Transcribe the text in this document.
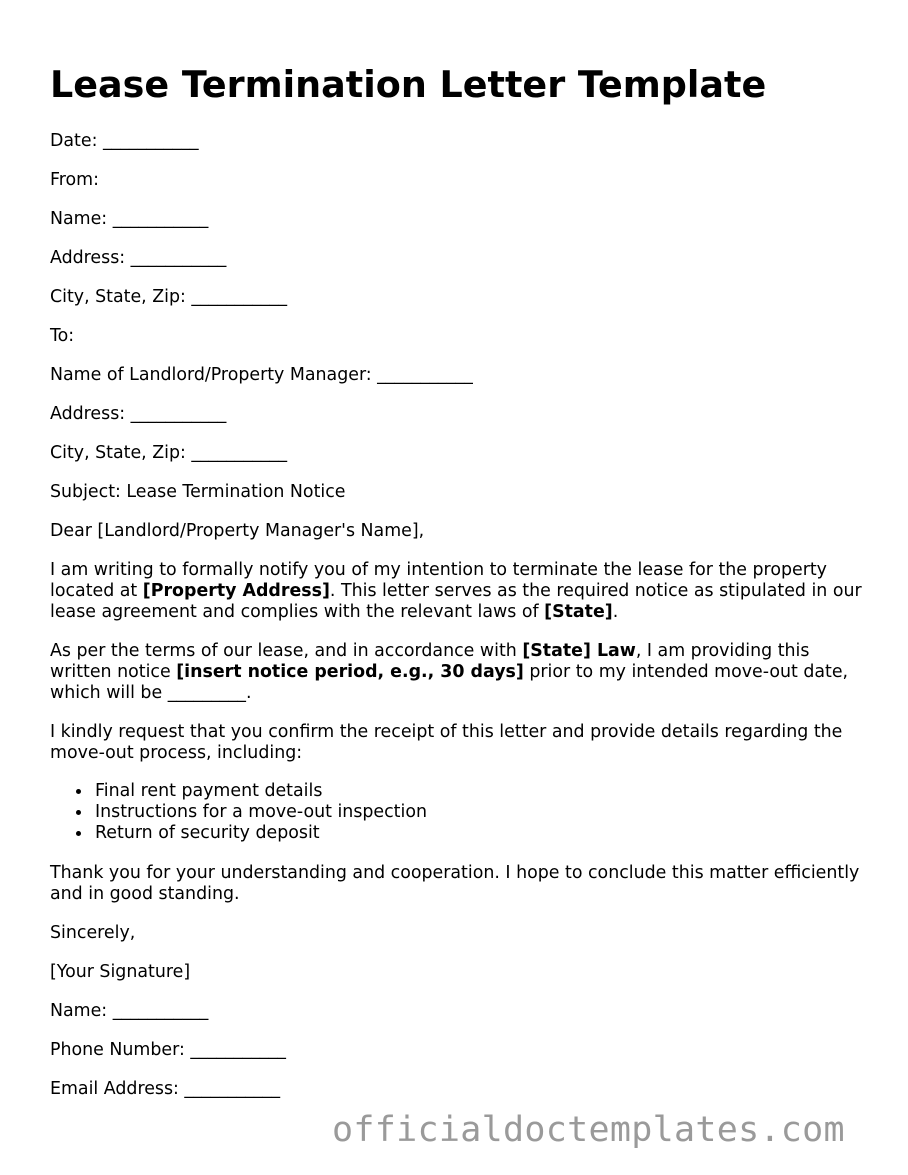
Lease Termination Letter Template

Date: ___________

From:

Name: ___________

Address: ___________

City, State, Zip: ___________

To:

Name of Landlord/Property Manager: ___________

Address: ___________

City, State, Zip: ___________

Subject: Lease Termination Notice

Dear [Landlord/Property Manager's Name],

I am writing to formally notify you of my intention to terminate the lease for the property located at [Property Address]. This letter serves as the required notice as stipulated in our lease agreement and complies with the relevant laws of [State].

As per the terms of our lease, and in accordance with [State] Law, I am providing this written notice [insert notice period, e.g., 30 days] prior to my intended move-out date, which will be _________.

I kindly request that you confirm the receipt of this letter and provide details regarding the move-out process, including:

Final rent payment details
Instructions for a move-out inspection
Return of security deposit

Thank you for your understanding and cooperation. I hope to conclude this matter efficiently and in good standing.

Sincerely,

[Your Signature]

Name: ___________

Phone Number: ___________

Email Address: ___________

officialdoctemplates.com
